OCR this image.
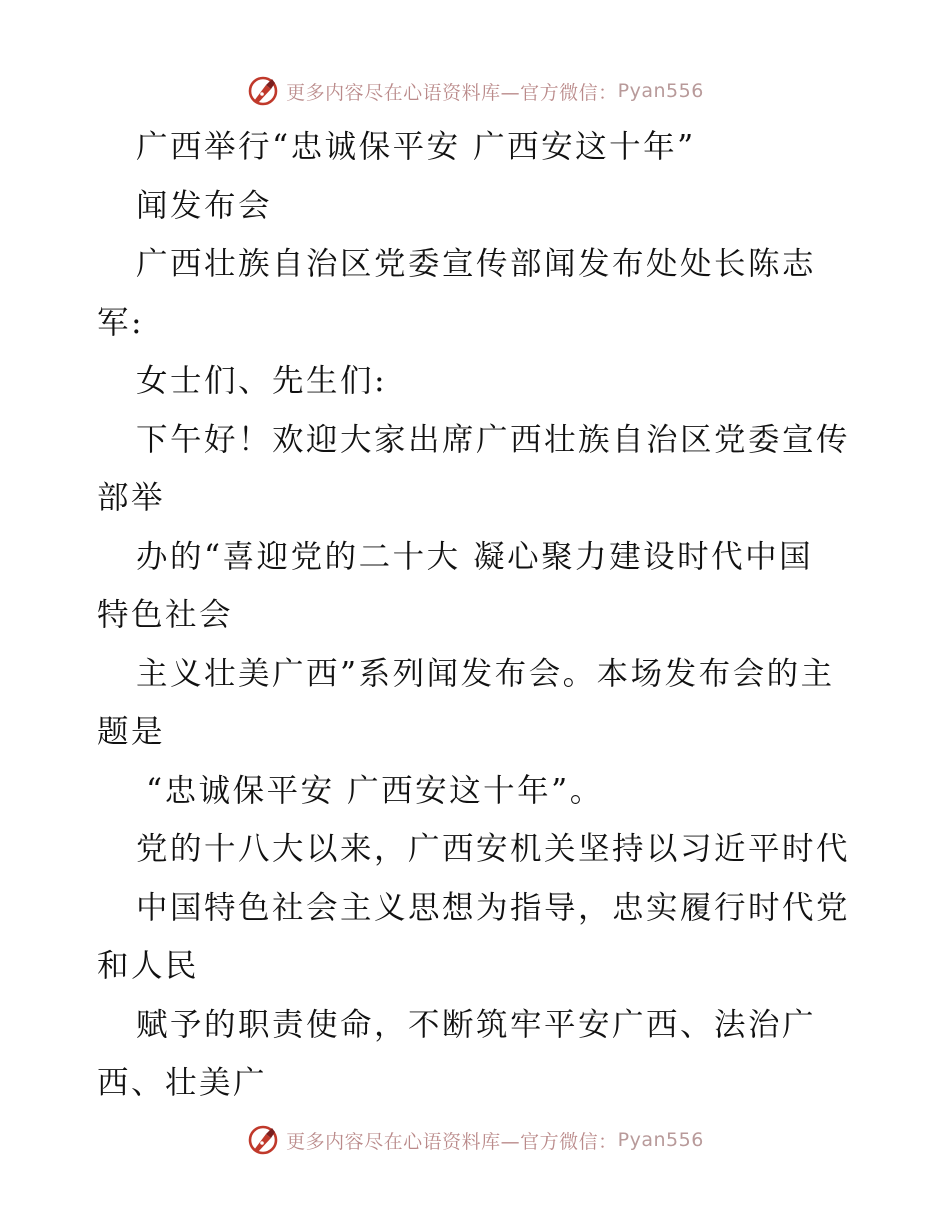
更多内容尽在心语资料库—官方微信： Pyan556
广西举行“忠诚保平安 广西安这十年”
闻发布会
广西壮族自治区党委宣传部闻发布处处长陈志
军:
女士们、先生们:
下午好！欢迎大家出席广西壮族自治区党委宣传
部举
办的“喜迎党的二十大 凝心聚力建设时代中国
特色社会
主义壮美广西”系列闻发布会。本场发布会的主
题是
“忠诚保平安 广西安这十年”。
党的十八大以来，广西安机关坚持以习近平时代
中国特色社会主义思想为指导，忠实履行时代党
和人民
赋予的职责使命，不断筑牢平安广西、法治广
西、壮美广
更多内容尽在心语资料库—官方微信： Pyan556
